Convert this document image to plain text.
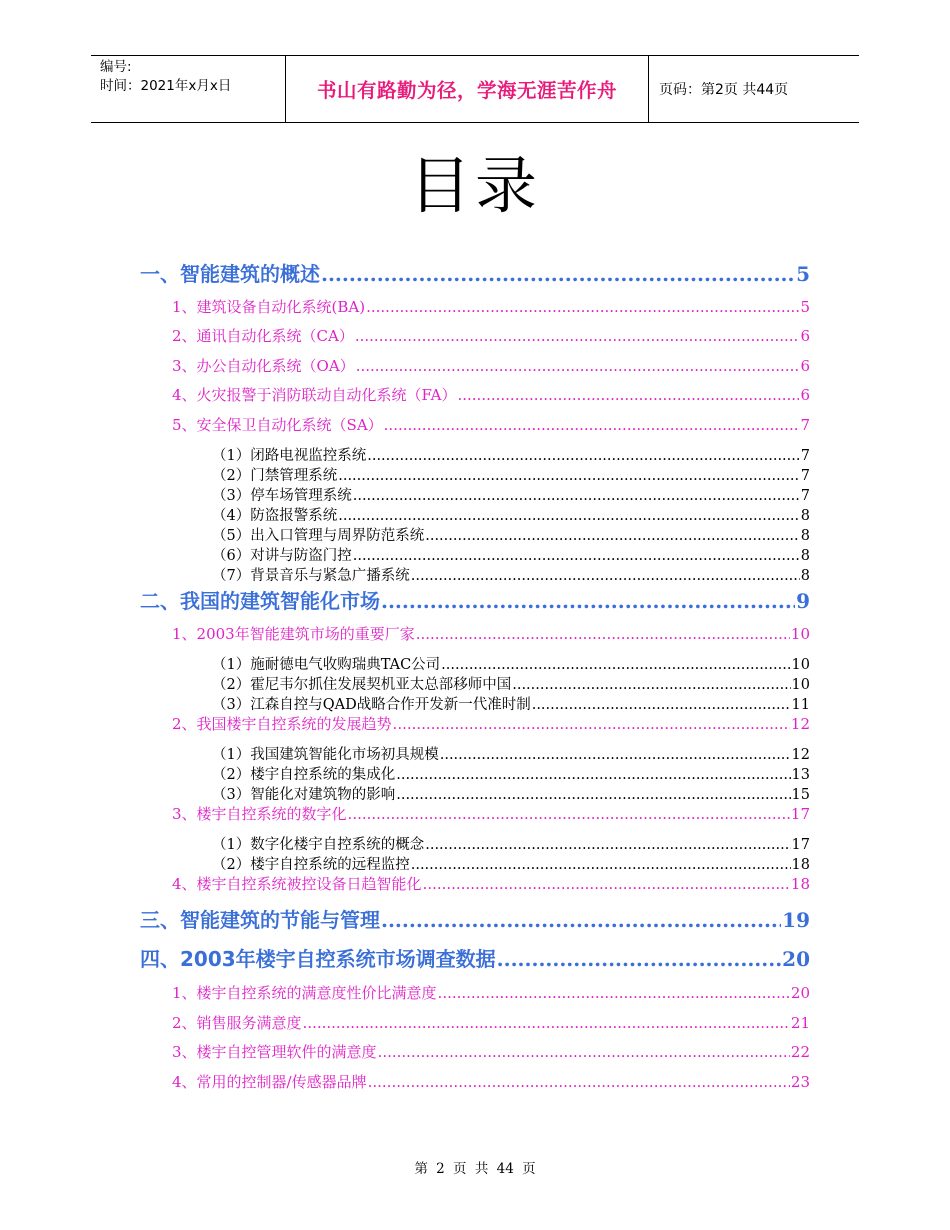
编号:
时间：2021年x月x日	书山有路勤为径，学海无涯苦作舟	页码：第2页 共44页
目录
一、智能建筑的概述 .....	5
1、建筑设备自动化系统(BA) .....	5
2、通讯自动化系统（CA） .....	6
3、办公自动化系统（OA） .....	6
4、火灾报警于消防联动自动化系统（FA） .....	6
5、安全保卫自动化系统（SA） .....	7
（1）闭路电视监控系统 .....	7
（2）门禁管理系统 .....	7
（3）停车场管理系统 .....	7
（4）防盗报警系统 .....	8
（5）出入口管理与周界防范系统 .....	8
（6）对讲与防盗门控 .....	8
（7）背景音乐与紧急广播系统 .....	8
二、我国的建筑智能化市场 .....	9
1、2003年智能建筑市场的重要厂家 .....	10
（1）施耐德电气收购瑞典TAC公司 .....	10
（2）霍尼韦尔抓住发展契机亚太总部移师中国 .....	10
（3）江森自控与QAD战略合作开发新一代准时制 .....	11
2、我国楼宇自控系统的发展趋势 .....	12
（1）我国建筑智能化市场初具规模 .....	12
（2）楼宇自控系统的集成化 .....	13
（3）智能化对建筑物的影响 .....	15
3、楼宇自控系统的数字化 .....	17
（1）数字化楼宇自控系统的概念 .....	17
（2）楼宇自控系统的远程监控 .....	18
4、楼宇自控系统被控设备日趋智能化 .....	18
三、智能建筑的节能与管理 .....	19
四、2003年楼宇自控系统市场调查数据 .....	20
1、楼宇自控系统的满意度性价比满意度 .....	20
2、销售服务满意度 .....	21
3、楼宇自控管理软件的满意度 .....	22
4、常用的控制器/传感器品牌 .....	23
第 2 页 共 44 页
